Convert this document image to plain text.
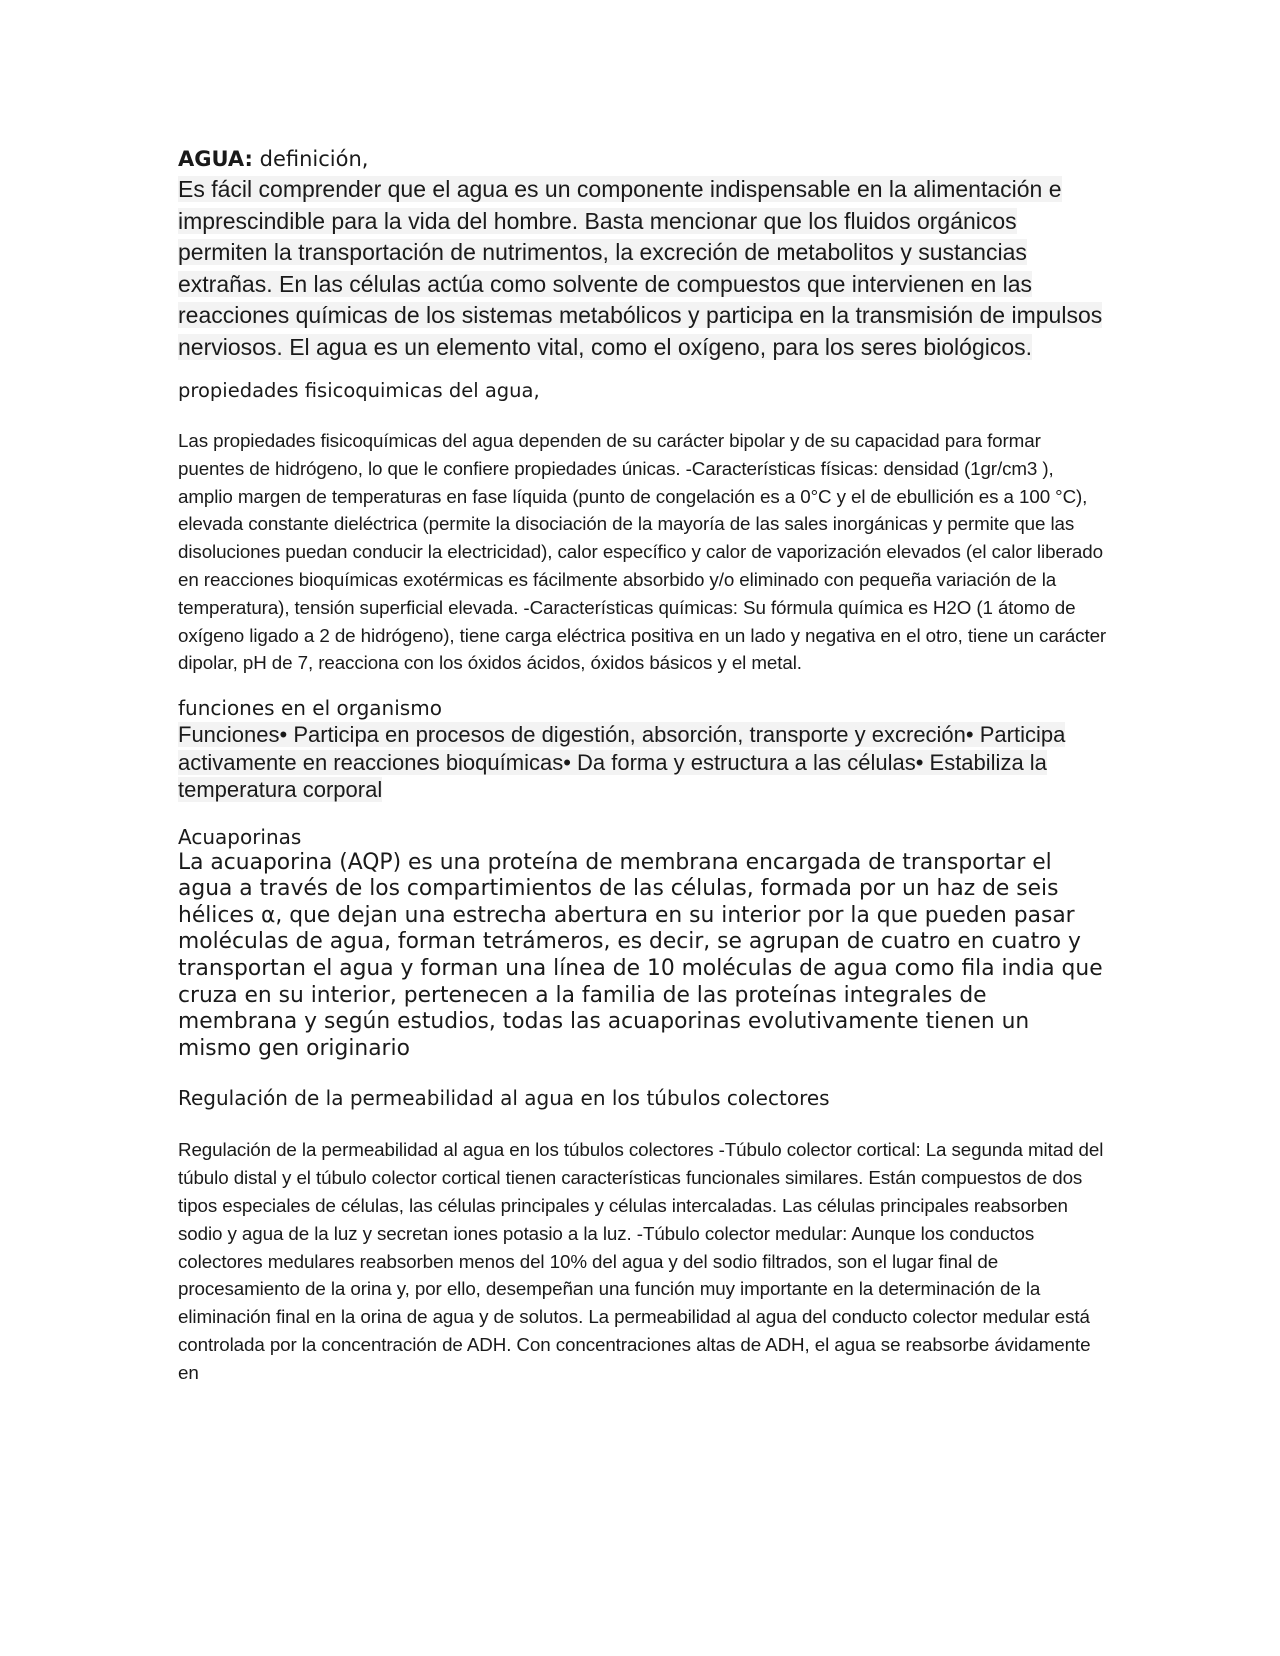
AGUA: definición,

Es fácil comprender que el agua es un componente indispensable en la alimentación e imprescindible para la vida del hombre. Basta mencionar que los fluidos orgánicos permiten la transportación de nutrimentos, la excreción de metabolitos y sustancias extrañas. En las células actúa como solvente de compuestos que intervienen en las reacciones químicas de los sistemas metabólicos y participa en la transmisión de impulsos nerviosos. El agua es un elemento vital, como el oxígeno, para los seres biológicos.

propiedades fisicoquimicas del agua,

Las propiedades fisicoquímicas del agua dependen de su carácter bipolar y de su capacidad para formar puentes de hidrógeno, lo que le confiere propiedades únicas. -Características físicas: densidad (1gr/cm3 ), amplio margen de temperaturas en fase líquida (punto de congelación es a 0°C y el de ebullición es a 100 °C), elevada constante dieléctrica (permite la disociación de la mayoría de las sales inorgánicas y permite que las disoluciones puedan conducir la electricidad), calor específico y calor de vaporización elevados (el calor liberado en reacciones bioquímicas exotérmicas es fácilmente absorbido y/o eliminado con pequeña variación de la temperatura), tensión superficial elevada. -Características químicas: Su fórmula química es H2O (1 átomo de oxígeno ligado a 2 de hidrógeno), tiene carga eléctrica positiva en un lado y negativa en el otro, tiene un carácter dipolar, pH de 7, reacciona con los óxidos ácidos, óxidos básicos y el metal.

funciones en el organismo

Funciones• Participa en procesos de digestión, absorción, transporte y excreción• Participa activamente en reacciones bioquímicas• Da forma y estructura a las células• Estabiliza la temperatura corporal

Acuaporinas

La acuaporina (AQP) es una proteína de membrana encargada de transportar el agua a través de los compartimientos de las células, formada por un haz de seis hélices α, que dejan una estrecha abertura en su interior por la que pueden pasar moléculas de agua, forman tetrámeros, es decir, se agrupan de cuatro en cuatro y transportan el agua y forman una línea de 10 moléculas de agua como fila india que cruza en su interior, pertenecen a la familia de las proteínas integrales de membrana y según estudios, todas las acuaporinas evolutivamente tienen un mismo gen originario

Regulación de la permeabilidad al agua en los túbulos colectores

Regulación de la permeabilidad al agua en los túbulos colectores -Túbulo colector cortical: La segunda mitad del túbulo distal y el túbulo colector cortical tienen características funcionales similares. Están compuestos de dos tipos especiales de células, las células principales y células intercaladas. Las células principales reabsorben sodio y agua de la luz y secretan iones potasio a la luz. -Túbulo colector medular: Aunque los conductos colectores medulares reabsorben menos del 10% del agua y del sodio filtrados, son el lugar final de procesamiento de la orina y, por ello, desempeñan una función muy importante en la determinación de la eliminación final en la orina de agua y de solutos. La permeabilidad al agua del conducto colector medular está controlada por la concentración de ADH. Con concentraciones altas de ADH, el agua se reabsorbe ávidamente en
